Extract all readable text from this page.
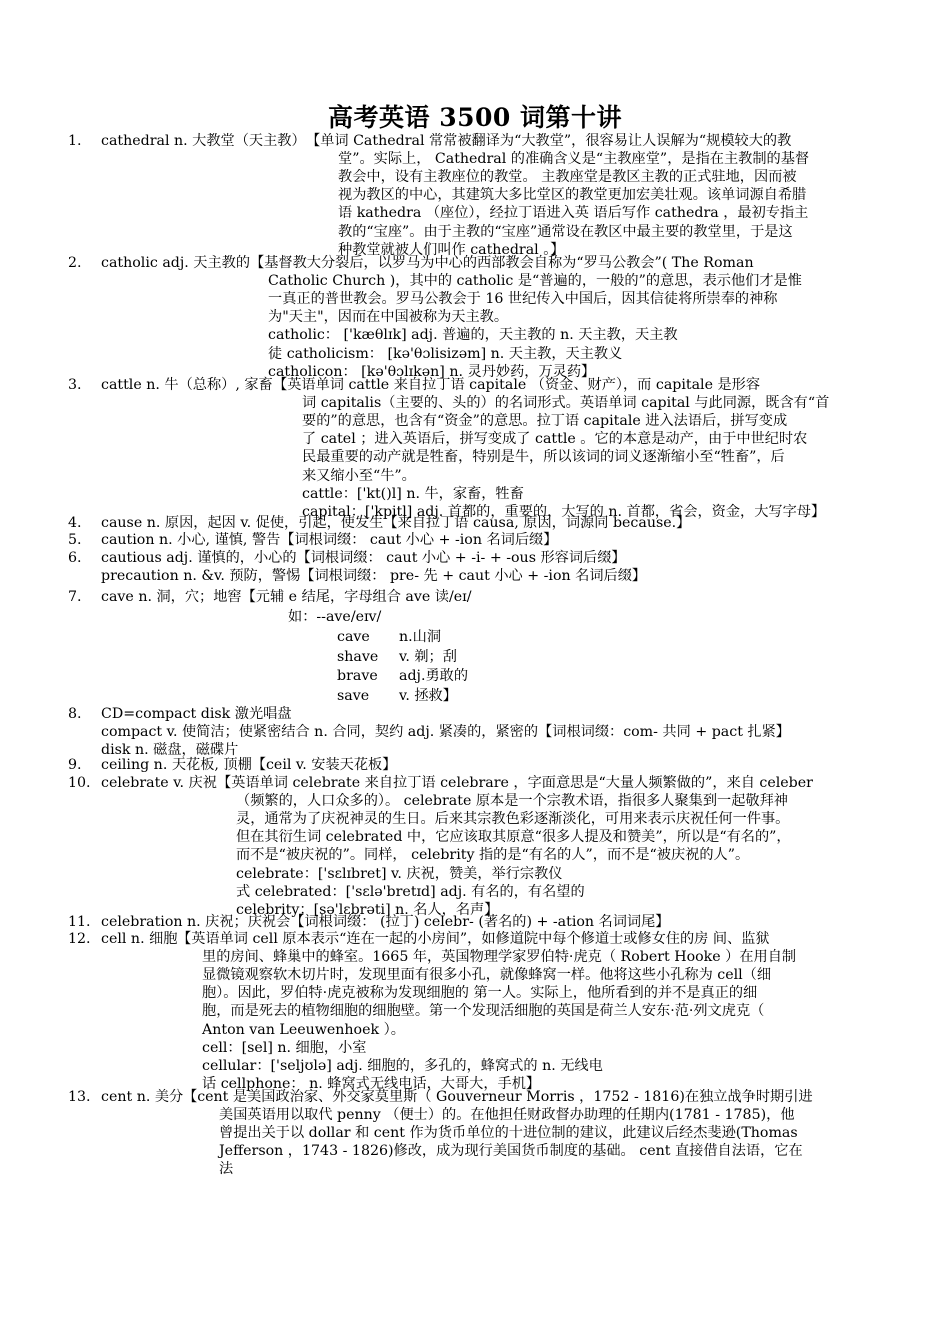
高考英语 3500 词第十讲
1. cathedral n. 大教堂（天主教） 【单词 Cathedral 常常被翻译为“大教堂”，很容易让人误解为“规模较大的教
堂”。实际上， Cathedral 的准确含义是“主教座堂”，是指在主教制的基督
教会中，设有主教座位的教堂。 主教座堂是教区主教的正式驻地，因而被
视为教区的中心，其建筑大多比堂区的教堂更加宏美壮观。该单词源自希腊
语 kathedra （座位），经拉丁语进入英 语后写作 cathedra ，最初专指主
教的“宝座”。由于主教的“宝座”通常设在教区中最主要的教堂里，于是这
种教堂就被人们叫作 cathedral 。】
2. catholic adj. 天主教的 【基督教大分裂后，以罗马为中心的西部教会自称为“罗马公教会”( The Roman
Catholic Church )，其中的 catholic 是“普遍的，一般的”的意思，表示他们才是惟
一真正的普世教会。罗马公教会于 16 世纪传入中国后，因其信徒将所崇奉的神称
为"天主"，因而在中国被称为天主教。
catholic： ['kæθlɪk] adj. 普遍的，天主教的 n. 天主教，天主教
徒 catholicism： [kə'θɔlisizəm] n. 天主教，天主教义
catholicon： [kə'θɔlɪkən] n. 灵丹妙药，万灵药】
3. cattle n. 牛（总称）, 家畜 【英语单词 cattle 来自拉丁语 capitale （资金、财产），而 capitale 是形容
词 capitalis（主要的、头的）的名词形式。英语单词 capital 与此同源，既含有“首
要的”的意思，也含有“资金”的意思。拉丁语 capitale 进入法语后，拼写变成
了 catel ；进入英语后，拼写变成了 cattle 。它的本意是动产，由于中世纪时农
民最重要的动产就是牲畜，特别是牛，所以该词的词义逐渐缩小至“牲畜”，后
来又缩小至“牛”。
cattle：['kt()l] n. 牛，家畜，牲畜
capital：['kpitl] adj. 首都的，重要的，大写的 n. 首都，省会，资金，大写字母】
4. cause n. 原因，起因 v. 促使，引起，使发生【来自拉丁语 causa, 原因，词源同 because.】
5. caution n. 小心, 谨慎, 警告【词根词缀： caut 小心 + -ion 名词后缀】
6. cautious adj. 谨慎的，小心的【词根词缀： caut 小心 + -i- + -ous 形容词后缀】
precaution n. &v. 预防，警惕【词根词缀： pre- 先 + caut 小心 + -ion 名词后缀】
7. cave n. 洞，穴；地窖【元辅 e 结尾，字母组合 ave 读/eɪ/
如：--ave/eɪv/
cave n.山洞
shave v. 剃；刮
brave adj.勇敢的
save v. 拯救】
8. CD=compact disk 激光唱盘
compact v. 使简洁；使紧密结合 n. 合同，契约 adj. 紧凑的，紧密的【词根词缀：com- 共同 + pact 扎紧】
disk n. 磁盘，磁碟片
9. ceiling n. 天花板, 顶棚【ceil v. 安装天花板】
10. celebrate v. 庆祝 【英语单词 celebrate 来自拉丁语 celebrare ，字面意思是“大量人频繁做的”，来自 celeber
（频繁的，人口众多的）。 celebrate 原本是一个宗教术语，指很多人聚集到一起敬拜神
灵，通常为了庆祝神灵的生日。后来其宗教色彩逐渐淡化，可用来表示庆祝任何一件事。
但在其衍生词 celebrated 中，它应该取其原意“很多人提及和赞美”，所以是“有名的”，
而不是“被庆祝的”。同样， celebrity 指的是“有名的人”，而不是“被庆祝的人”。
celebrate：['sɛlɪbret] v. 庆祝，赞美，举行宗教仪
式 celebrated：['sɛlə'bretɪd] adj. 有名的，有名望的
celebrity：[sə'lɛbrəti] n. 名人，名声】
11. celebration n. 庆祝；庆祝会【词根词缀： (拉丁) celebr- (著名的) + -ation 名词词尾】
12. cell n. 细胞 【英语单词 cell 原本表示“连在一起的小房间”，如修道院中每个修道士或修女住的房 间、监狱
里的房间、蜂巢中的蜂室。1665 年，英国物理学家罗伯特·虎克（ Robert Hooke ）在用自制
显微镜观察软木切片时，发现里面有很多小孔，就像蜂窝一样。他将这些小孔称为 cell（细
胞）。因此，罗伯特·虎克被称为发现细胞的 第一人。实际上，他所看到的并不是真正的细
胞，而是死去的植物细胞的细胞壁。第一个发现活细胞的英国是荷兰人安东·范·列文虎克（
Anton van Leeuwenhoek ）。
cell：[sel] n. 细胞，小室
cellular：['seljʊlə] adj. 细胞的，多孔的，蜂窝式的 n. 无线电
话 cellphone： n. 蜂窝式无线电话，大哥大，手机】
13. cent n. 美分 【cent 是美国政治家、外交家莫里斯（ Gouverneur Morris ，1752 - 1816)在独立战争时期引进
美国英语用以取代 penny （便士）的。在他担任财政督办助理的任期内(1781 - 1785)，他
曾提出关于以 dollar 和 cent 作为货币单位的十进位制的建议，此建议后经杰斐逊(Thomas
Jefferson ，1743 - 1826)修改，成为现行美国货币制度的基础。 cent 直接借自法语，它在
法
